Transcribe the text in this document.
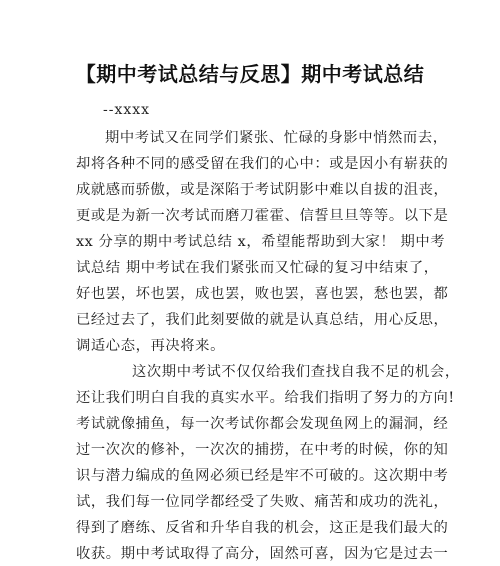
【期中考试总结与反思】期中考试总结
--xxxx
期中考试又在同学们紧张、忙碌的身影中悄然而去，
却将各种不同的感受留在我们的心中：或是因小有崭获的
成就感而骄傲，或是深陷于考试阴影中难以自拔的沮丧，
更或是为新一次考试而磨刀霍霍、信誓旦旦等等。以下是
xx 分享的期中考试总结 x，希望能帮助到大家！ 期中考
试总结 期中考试在我们紧张而又忙碌的复习中结束了，
好也罢，坏也罢，成也罢，败也罢，喜也罢，愁也罢，都
已经过去了，我们此刻要做的就是认真总结，用心反思，
调适心态，再决将来。
这次期中考试不仅仅给我们查找自我不足的机会，
还让我们明白自我的真实水平。给我们指明了努力的方向!
考试就像捕鱼，每一次考试你都会发现鱼网上的漏洞，经
过一次次的修补，一次次的捕捞，在中考的时候，你的知
识与潜力编成的鱼网必须已经是牢不可破的。这次期中考
试，我们每一位同学都经受了失败、痛苦和成功的洗礼，
得到了磨练、反省和升华自我的机会，这正是我们最大的
收获。期中考试取得了高分，固然可喜，因为它是过去一
